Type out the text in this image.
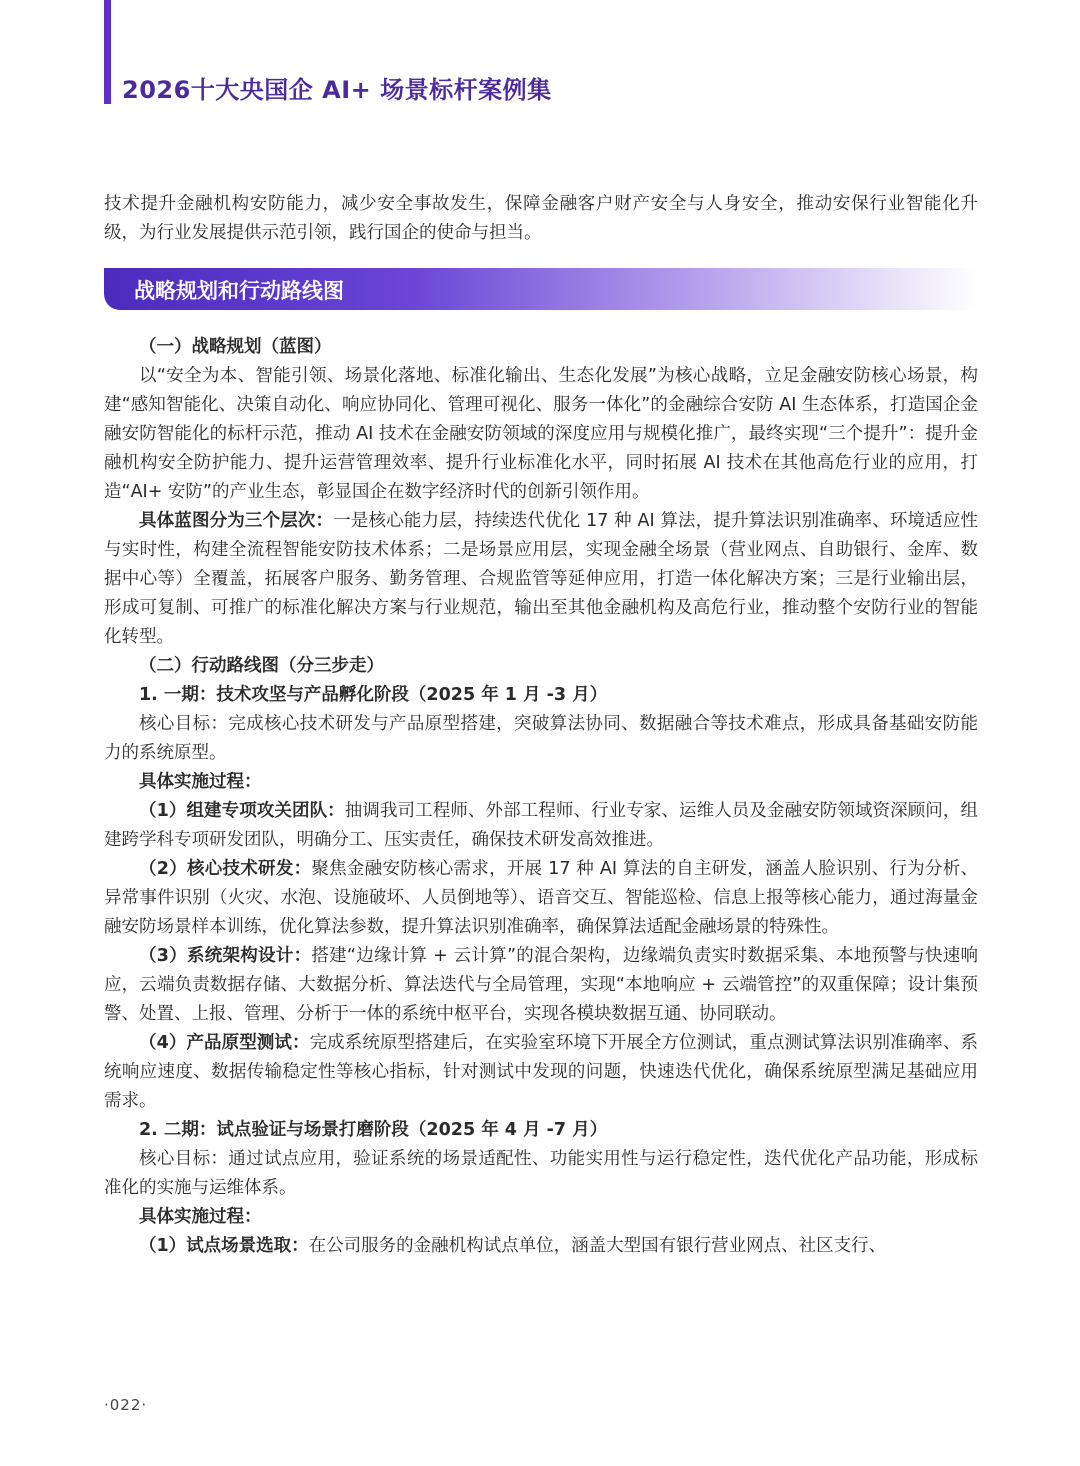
2026十大央国企 AI+ 场景标杆案例集
技术提升金融机构安防能力，减少安全事故发生，保障金融客户财产安全与人身安全，推动安保行业智能化升级，为行业发展提供示范引领，践行国企的使命与担当。
战略规划和行动路线图

（一）战略规划（蓝图）

以“安全为本、智能引领、场景化落地、标准化输出、生态化发展”为核心战略，立足金融安防核心场景，构建“感知智能化、决策自动化、响应协同化、管理可视化、服务一体化”的金融综合安防 AI 生态体系，打造国企金融安防智能化的标杆示范，推动 AI 技术在金融安防领域的深度应用与规模化推广，最终实现“三个提升”：提升金融机构安全防护能力、提升运营管理效率、提升行业标准化水平，同时拓展 AI 技术在其他高危行业的应用，打造“AI+ 安防”的产业生态，彰显国企在数字经济时代的创新引领作用。

具体蓝图分为三个层次：一是核心能力层，持续迭代优化 17 种 AI 算法，提升算法识别准确率、环境适应性与实时性，构建全流程智能安防技术体系；二是场景应用层，实现金融全场景（营业网点、自助银行、金库、数据中心等）全覆盖，拓展客户服务、勤务管理、合规监管等延伸应用，打造一体化解决方案；三是行业输出层，形成可复制、可推广的标准化解决方案与行业规范，输出至其他金融机构及高危行业，推动整个安防行业的智能化转型。

（二）行动路线图（分三步走）

1. 一期：技术攻坚与产品孵化阶段（2025 年 1 月 -3 月）

核心目标：完成核心技术研发与产品原型搭建，突破算法协同、数据融合等技术难点，形成具备基础安防能力的系统原型。

具体实施过程：

（1）组建专项攻关团队：抽调我司工程师、外部工程师、行业专家、运维人员及金融安防领域资深顾问，组建跨学科专项研发团队，明确分工、压实责任，确保技术研发高效推进。

（2）核心技术研发：聚焦金融安防核心需求，开展 17 种 AI 算法的自主研发，涵盖人脸识别、行为分析、异常事件识别（火灾、水泡、设施破坏、人员倒地等）、语音交互、智能巡检、信息上报等核心能力，通过海量金融安防场景样本训练，优化算法参数，提升算法识别准确率，确保算法适配金融场景的特殊性。

（3）系统架构设计：搭建“边缘计算 + 云计算”的混合架构，边缘端负责实时数据采集、本地预警与快速响应，云端负责数据存储、大数据分析、算法迭代与全局管理，实现“本地响应 + 云端管控”的双重保障；设计集预警、处置、上报、管理、分析于一体的系统中枢平台，实现各模块数据互通、协同联动。

（4）产品原型测试：完成系统原型搭建后，在实验室环境下开展全方位测试，重点测试算法识别准确率、系统响应速度、数据传输稳定性等核心指标，针对测试中发现的问题，快速迭代优化，确保系统原型满足基础应用需求。

2. 二期：试点验证与场景打磨阶段（2025 年 4 月 -7 月）

核心目标：通过试点应用，验证系统的场景适配性、功能实用性与运行稳定性，迭代优化产品功能，形成标准化的实施与运维体系。

具体实施过程：

（1）试点场景选取：在公司服务的金融机构试点单位，涵盖大型国有银行营业网点、社区支行、

·022·
